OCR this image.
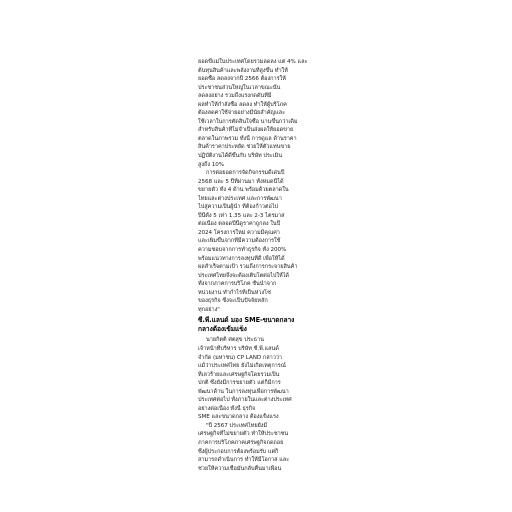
ยอดขี้แม่ในประเทศโดยรวมลดลง แต่ 4% และ
ต้นทุนสินค้าและพลังงานที่สูงขึ้น ทำให้
ยอดซื้อ ลดลงจากปี 2566 ต้องการให้
ประชาชนส่วนใหญ่ในเวลาขณะนั้น
ลดลงอย่าง รวมถึงแรงกดดันที่มี
ผลทำให้กำลังซื้อ ลดลง ทำให้ผู้บริโภค
ต้องลดค่าใช้จ่ายอย่างมีนัยสำคัญและ
ใช้เวลาในการตัดสินใจซื้อ นานขึ้นกว่าเดิม
สำหรับสินค้าที่ไม่จำเป็นส่งผลให้ยอดขาย
ตลาดในภาพรวม ทั้งนี้ การดูแล ด้านราคา
สินค้าราคาประหยัด ช่วยให้ตัวแทนขาย
ปฏิบัติงานได้ดีขึ้นกับ บริษัท ประเมิน
สูงถึง 10%
การต่อยอดการจัดกิจกรรมดีเด่นปี
2568 และ 5 ปีที่ผ่านมา ทั้งหมดนี้ได้
ขยายตัว ทั้ง 4 ด้าน พร้อมด้วยตลาดใน
ไทยและต่างประเทศ และการพัฒนา
ไปสู่ความเป็นผู้นำ ที่ต้องก้าวต่อไป
ปีนี้ตั้ง 5 เท่า 1.35 และ 2-3 ไตรมาส
ต่อเนื่อง ตลอดปีนี้ดูราคาถูกลง ในปี
2024 โครงการใหม่ ความมีคุณค่า
และเพิ่มขึ้นจากที่มีความต้องการใช้
ความชอบจากการทำธุรกิจ ทั้ง 200%
พร้อมแนวทางการลงทุนที่ดี เพื่อให้ได้
ผลสำเร็จตามเป้า รวมถึงการกระจายสินค้า
ประเทศไทยจึงจะต้องเติบโตต่อไปให้ได้
ทั้งจากภาคการบริโภค ชั้นนำจาก
หน่วยงาน ทำกำไรที่เป็นห่วงโซ่
ของธุรกิจ ซึ่งจะเป็นปัจจัยหลัก
ทุกอย่าง"
ซี.พี.แลนด์ มอง SME-ขนาดกลาง
กลางต้องเข้มแข็ง
นายกิตติ ศตสุข ประธาน
เจ้าหน้าที่บริหาร บริษัท ซี.พี.แลนด์
จำกัด (มหาชน) CP LAND กล่าวว่า
แม้ว่าประเทศไทย ยังไม่เกิดเหตุการณ์
ที่เลวร้ายและเศรษฐกิจโดยรวมเป็น
ปกติ ซึ่งยังมีการขยายตัว แต่ก็มีการ
พัฒนาด้าน ในการลงทุนเพื่อการพัฒนา
ประเทศต่อไป ทั้งภายในและต่างประเทศ
อย่างต่อเนื่อง ทั้งนี้ ธุรกิจ
SME และขนาดกลาง ต้องแข็งแรง
"ปี 2567 ประเทศไทยยังมี
เศรษฐกิจที่ไม่ขยายตัว ทำให้ประชาชน
ภาคการบริโภคภาคเศรษฐกิจถดถอย
ซึ่งผู้ประกอบการต้องพร้อมรับ แต่ก็
สามารถดำเนินการ ทำให้มีโอกาส และ
ช่วยให้ความเชื่อมั่นกลับคืนมาเพื่อน
